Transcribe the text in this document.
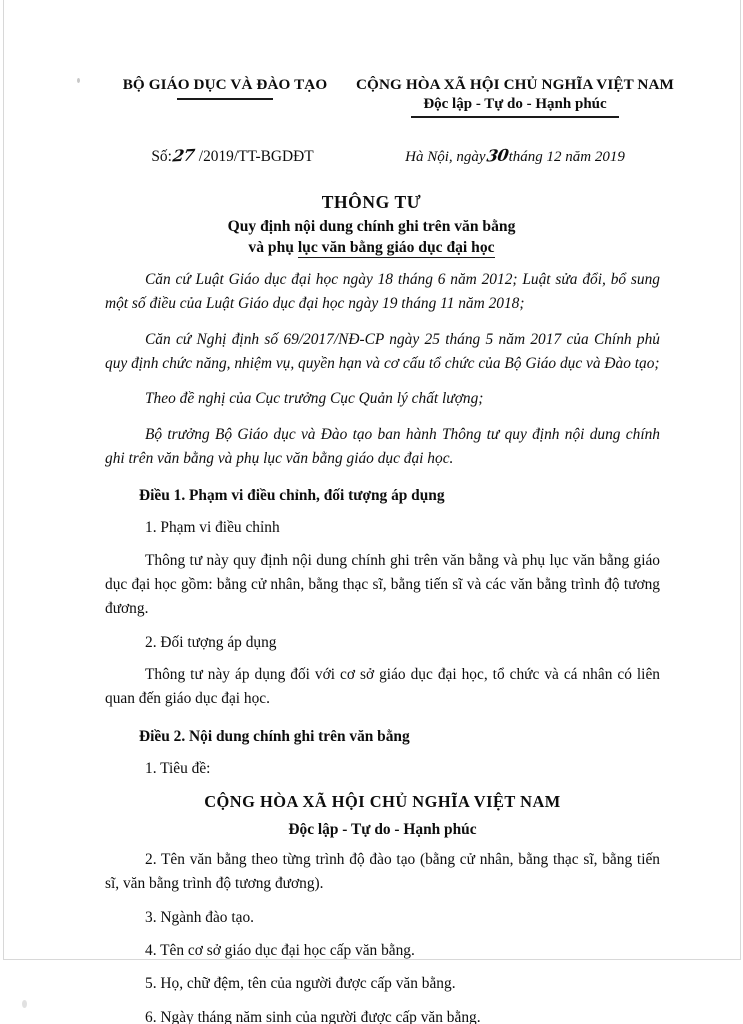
BỘ GIÁO DỤC VÀ ĐÀO TẠO	CỘNG HÒA XÃ HỘI CHỦ NGHĨA VIỆT NAM
Độc lập - Tự do - Hạnh phúc
Số:27 /2019/TT-BGDĐT	Hà Nội, ngày30tháng 12 năm 2019
THÔNG TƯ
Quy định nội dung chính ghi trên văn bằng
và phụ lục văn bằng giáo dục đại học

Căn cứ Luật Giáo dục đại học ngày 18 tháng 6 năm 2012; Luật sửa đổi, bổ sung một số điều của Luật Giáo dục đại học ngày 19 tháng 11 năm 2018;

Căn cứ Nghị định số 69/2017/NĐ-CP ngày 25 tháng 5 năm 2017 của Chính phủ quy định chức năng, nhiệm vụ, quyền hạn và cơ cấu tổ chức của Bộ Giáo dục và Đào tạo;

Theo đề nghị của Cục trưởng Cục Quản lý chất lượng;

Bộ trưởng Bộ Giáo dục và Đào tạo ban hành Thông tư quy định nội dung chính ghi trên văn bằng và phụ lục văn bằng giáo dục đại học.

Điều 1. Phạm vi điều chỉnh, đối tượng áp dụng

1. Phạm vi điều chỉnh

Thông tư này quy định nội dung chính ghi trên văn bằng và phụ lục văn bằng giáo dục đại học gồm: bằng cử nhân, bằng thạc sĩ, bằng tiến sĩ và các văn bằng trình độ tương đương.

2. Đối tượng áp dụng

Thông tư này áp dụng đối với cơ sở giáo dục đại học, tổ chức và cá nhân có liên quan đến giáo dục đại học.

Điều 2. Nội dung chính ghi trên văn bằng

1. Tiêu đề:

CỘNG HÒA XÃ HỘI CHỦ NGHĨA VIỆT NAM
Độc lập - Tự do - Hạnh phúc

2. Tên văn bằng theo từng trình độ đào tạo (bằng cử nhân, bằng thạc sĩ, bằng tiến sĩ, văn bằng trình độ tương đương).

3. Ngành đào tạo.

4. Tên cơ sở giáo dục đại học cấp văn bằng.

5. Họ, chữ đệm, tên của người được cấp văn bằng.

6. Ngày tháng năm sinh của người được cấp văn bằng.
